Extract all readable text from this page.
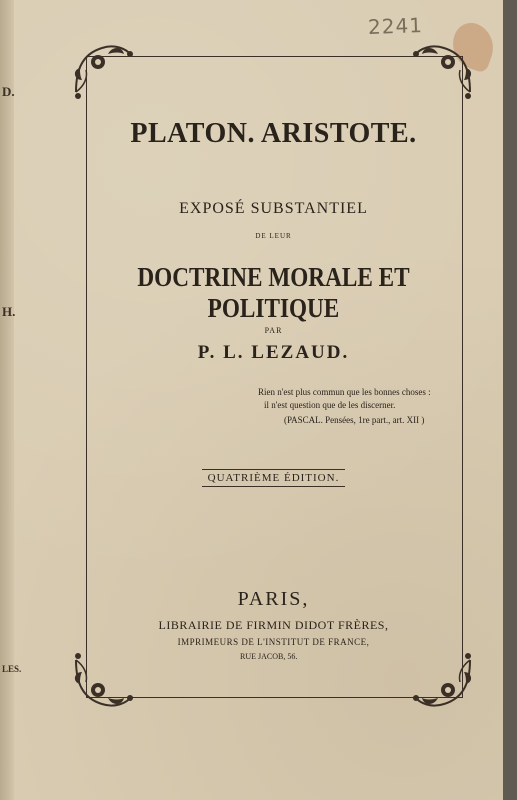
D.
H.
LES.
2241
PLATON. ARISTOTE.
EXPOSÉ SUBSTANTIEL
DE LEUR
DOCTRINE MORALE ET POLITIQUE
PAR
P. L. LEZAUD.
Rien n'est plus commun que les bonnes choses :
il n'est question que de les discerner.
(PASCAL. Pensées, 1re part., art. XII )
QUATRIÈME ÉDITION.
PARIS,
LIBRAIRIE DE FIRMIN DIDOT FRÈRES,
IMPRIMEURS DE L'INSTITUT DE FRANCE,
RUE JACOB, 56.
